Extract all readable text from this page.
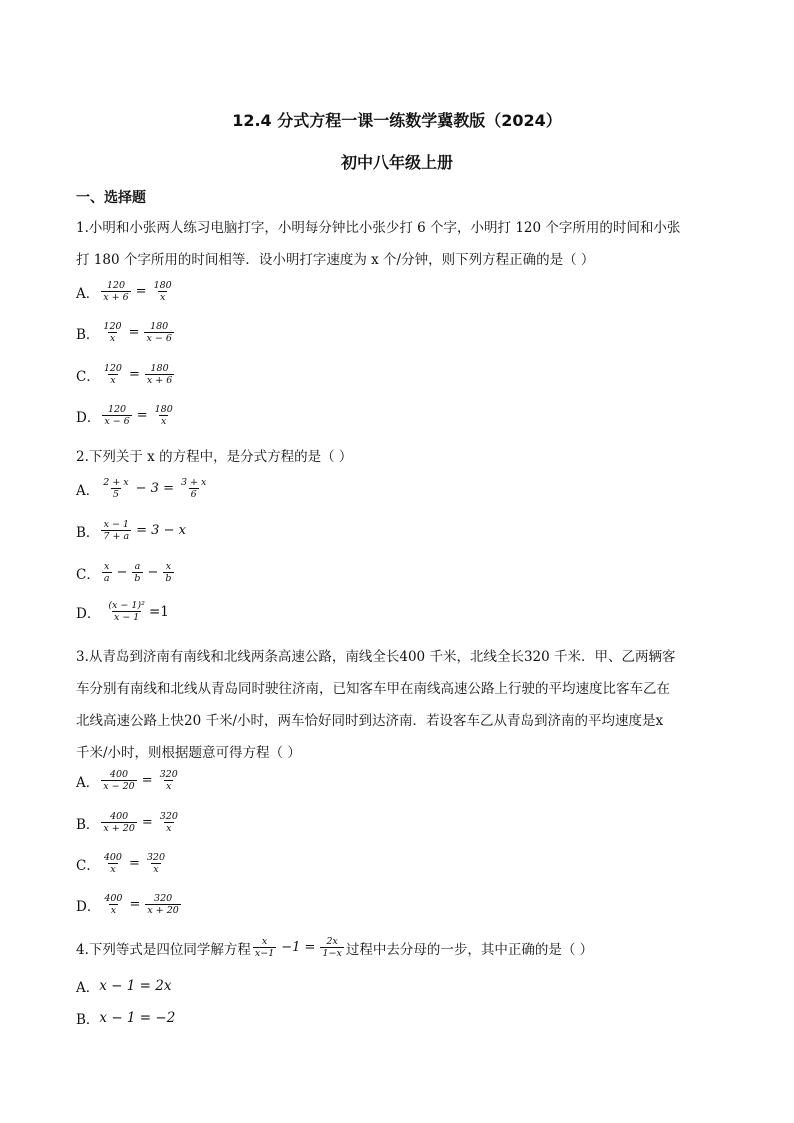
12.4 分式方程一课一练数学冀教版（2024）
初中八年级上册
一、选择题
1.小明和小张两人练习电脑打字，小明每分钟比小张少打 6 个字，小明打 120 个字所用的时间和小张
打 180 个字所用的时间相等．设小明打字速度为 x 个/分钟，则下列方程正确的是（ ）
A． $\frac{120}{x + 6} = \frac{180}{x}$
B． $\frac{120}{x} = \frac{180}{x - 6}$
C． $\frac{120}{x} = \frac{180}{x + 6}$
D． $\frac{120}{x - 6} = \frac{180}{x}$
2.下列关于 x 的方程中，是分式方程的是（ ）
A． $\frac{2 + x}{5} - 3 = \frac{3 + x}{6}$
B． $\frac{x - 1}{7 + a} = 3 - x$
C． $\frac{x}{a} - \frac{a}{b} - \frac{x}{b}$
D． $\frac{\text{(x − 1)²}}{x - 1} =1$
3.从青岛到济南有南线和北线两条高速公路，南线全长400 千米，北线全长320 千米．甲、乙两辆客
车分别有南线和北线从青岛同时驶往济南，已知客车甲在南线高速公路上行驶的平均速度比客车乙在
北线高速公路上快20 千米/小时，两车恰好同时到达济南．若设客车乙从青岛到济南的平均速度是x
千米/小时，则根据题意可得方程（ ）
A． $\frac{400}{x - 20} = \frac{320}{x}$
B． $\frac{400}{x + 20} = \frac{320}{x}$
C． $\frac{400}{x} = \frac{320}{x}$
D． $\frac{400}{x} = \frac{320}{x + 20}$
4.下列等式是四位同学解方程 $\frac{x}{x-1} -1 = \frac{2x}{1-x}$ 过程中去分母的一步，其中正确的是（ ）
A． x − 1 = 2x
B． x − 1 = −2
